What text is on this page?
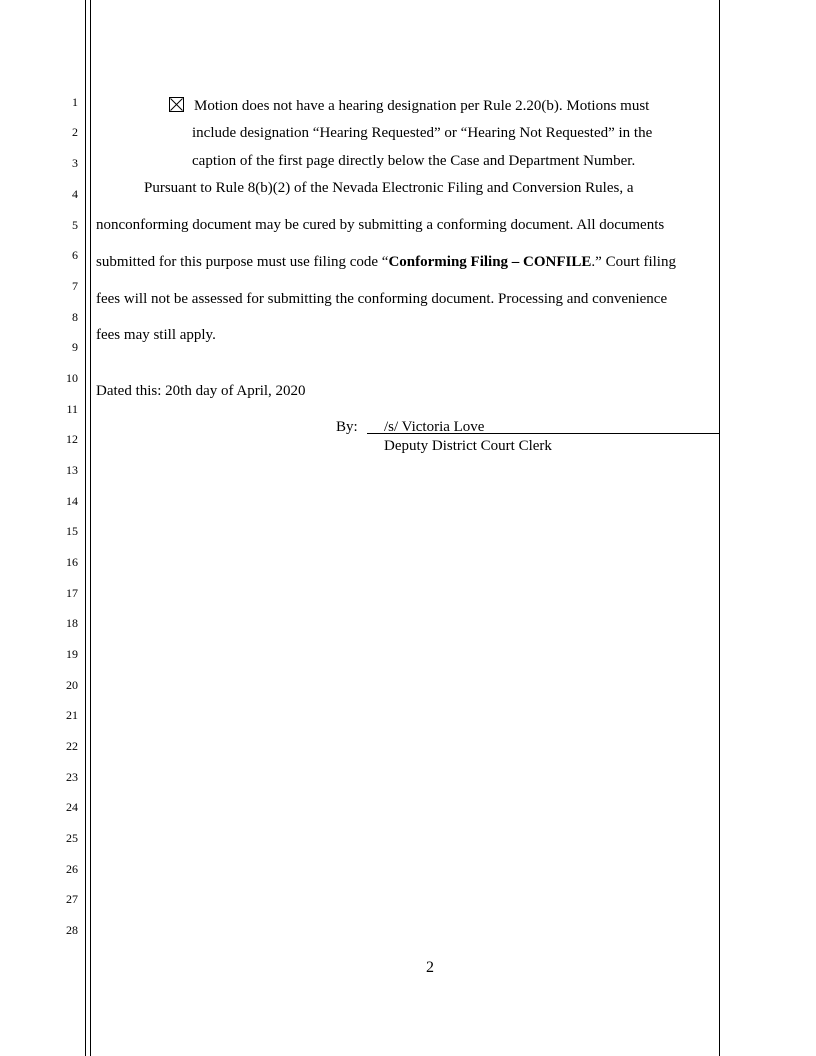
1
2
3
4
5
6
7
8
9
10
11
12
13
14
15
16
17
18
19
20
21
22
23
24
25
26
27
28
Motion does not have a hearing designation per Rule 2.20(b). Motions must
include designation “Hearing Requested” or “Hearing Not Requested” in the
caption of the first page directly below the Case and Department Number.
Pursuant to Rule 8(b)(2) of the Nevada Electronic Filing and Conversion Rules, a
nonconforming document may be cured by submitting a conforming document. All documents
submitted for this purpose must use filing code “Conforming Filing – CONFILE.” Court filing
fees will not be assessed for submitting the conforming document. Processing and convenience
fees may still apply.
Dated this: 20th day of April, 2020
By: /s/ Victoria Love
Deputy District Court Clerk
2
